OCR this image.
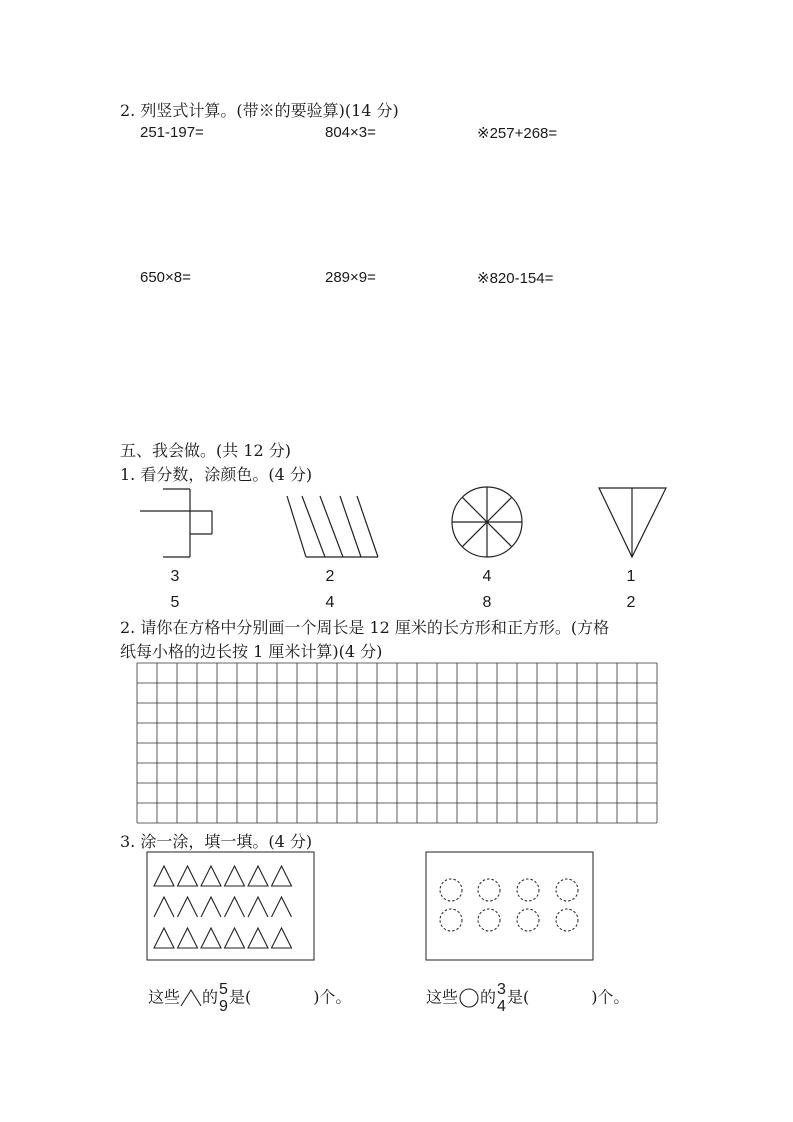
2. 列竖式计算。(带※的要验算)(14 分)
251-197=	804×3=	※257+268=
650×8=	289×9=	※820-154=
五、我会做。(共 12 分)
1. 看分数，涂颜色。(4 分)
3
5
2
4
4
8
1
2
2. 请你在方格中分别画一个周长是 12 厘米的长方形和正方形。(方格
纸每小格的边长按 1 厘米计算)(4 分)
3. 涂一涂，填一填。(4 分)
这些 的 5
9 是(	)个。	这些 的 3
4 是(	)个。
